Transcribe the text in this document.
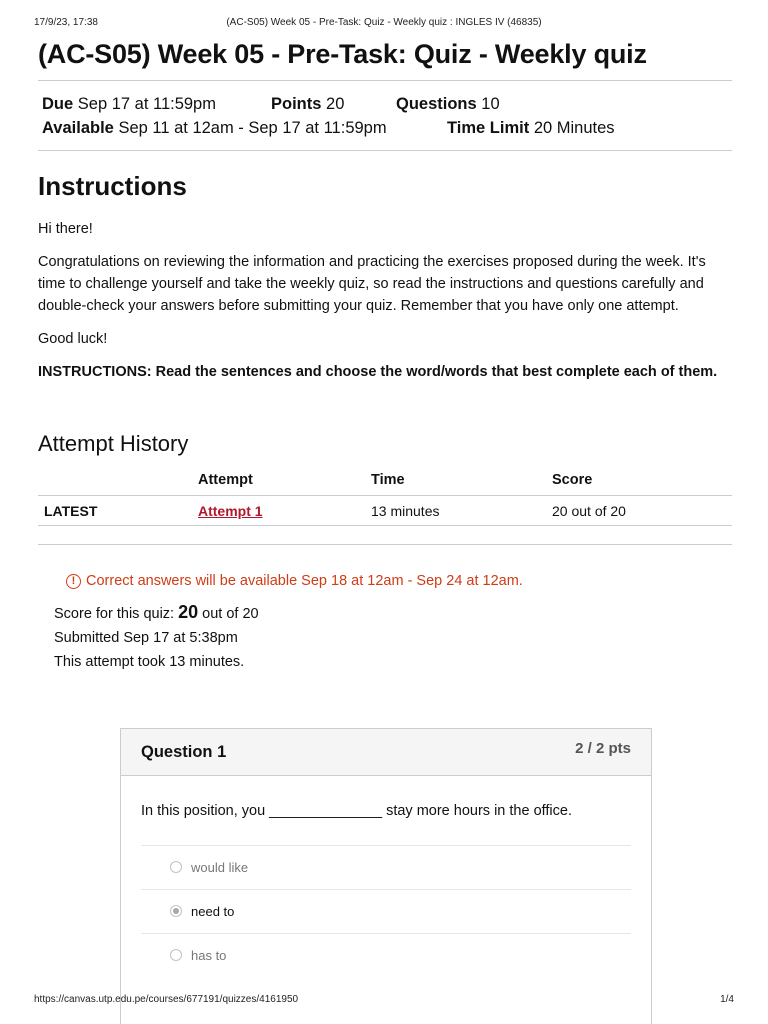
17/9/23, 17:38	(AC-S05) Week 05 - Pre-Task: Quiz - Weekly quiz : INGLES IV (46835)
(AC-S05) Week 05 - Pre-Task: Quiz - Weekly quiz
Due Sep 17 at 11:59pm	Points 20	Questions 10
Available Sep 11 at 12am - Sep 17 at 11:59pm	Time Limit 20 Minutes
Instructions

Hi there!

Congratulations on reviewing the information and practicing the exercises proposed during the week. It's time to challenge yourself and take the weekly quiz, so read the instructions and questions carefully and double-check your answers before submitting your quiz. Remember that you have only one attempt.

Good luck!

INSTRUCTIONS: Read the sentences and choose the word/words that best complete each of them.

Attempt History
	Attempt	Time	Score
LATEST	Attempt 1	13 minutes	20 out of 20
! Correct answers will be available Sep 18 at 12am - Sep 24 at 12am.
Score for this quiz: 20 out of 20
Submitted Sep 17 at 5:38pm
This attempt took 13 minutes.
Question 1	2 / 2 pts
In this position, you ______________ stay more hours in the office.
would like
need to
has to
https://canvas.utp.edu.pe/courses/677191/quizzes/4161950	1/4
